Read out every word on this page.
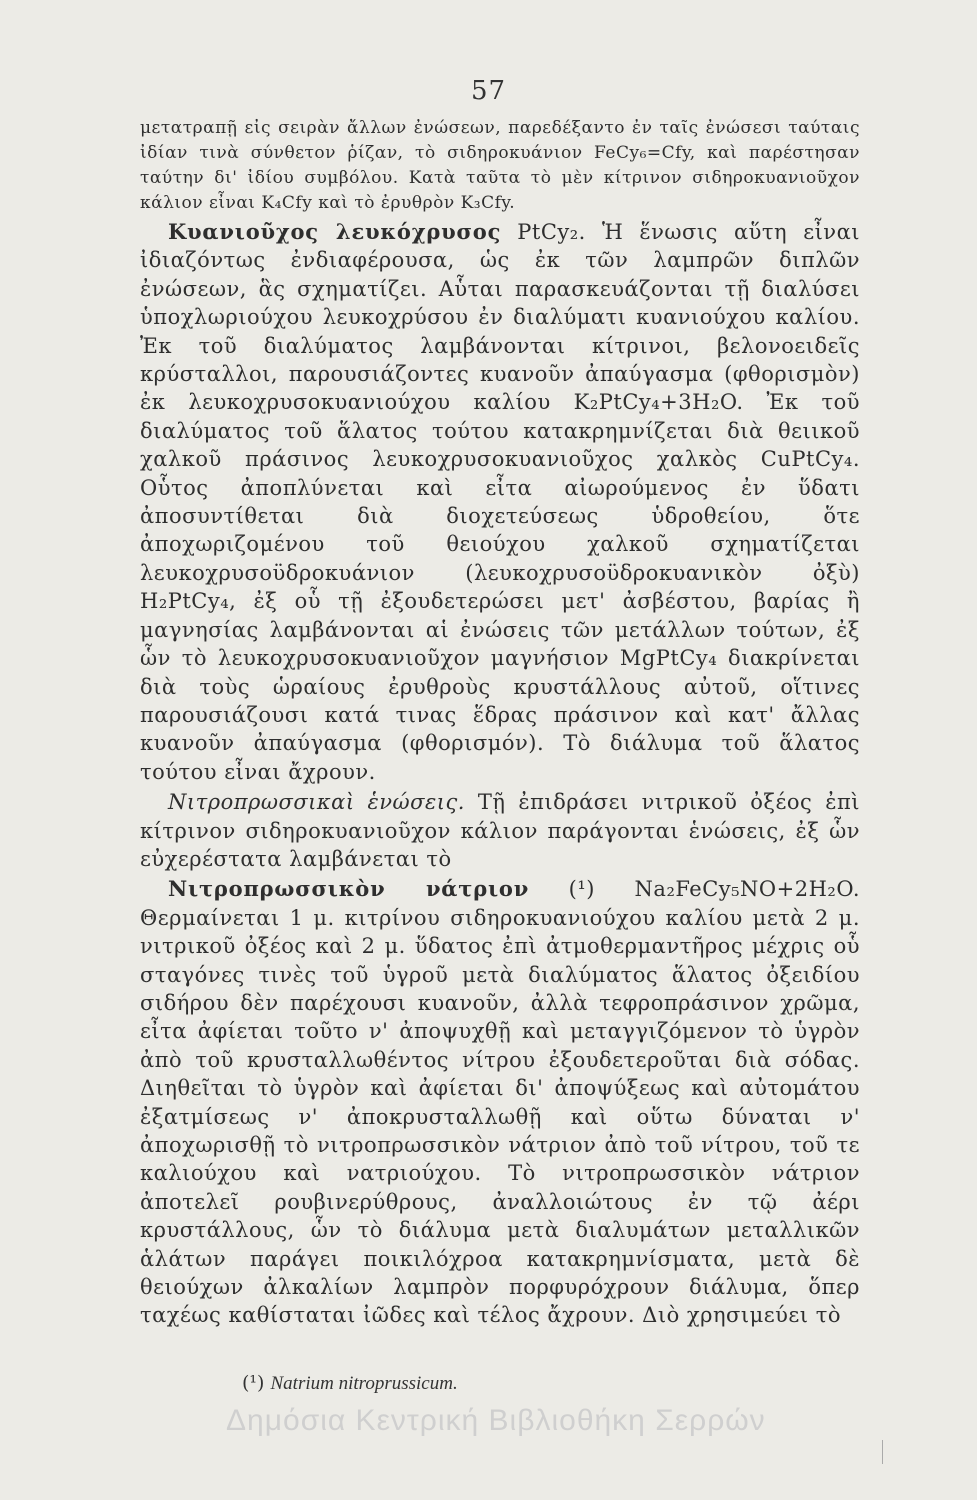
57

μετατραπῇ εἰς σειρὰν ἄλλων ἐνώσεων, παρεδέξαντο ἐν ταῖς ἐνώσεσι ταύταις ἰδίαν τινὰ σύνθετον ῥίζαν, τὸ σιδηροκυάνιον FeCy₆=Cfy, καὶ παρέστησαν ταύτην δι' ἰδίου συμβόλου. Κατὰ ταῦτα τὸ μὲν κίτρινον σιδηροκυανιοῦχον κάλιον εἶναι K₄Cfy καὶ τὸ ἐρυθρὸν K₃Cfy.

Κυανιοῦχος λευκόχρυσος PtCy₂. Ἡ ἕνωσις αὕτη εἶναι ἰδιαζόντως ἐνδιαφέρουσα, ὡς ἐκ τῶν λαμπρῶν διπλῶν ἐνώσεων, ἃς σχηματίζει. Αὗται παρασκευάζονται τῇ διαλύσει ὑποχλωριούχου λευκοχρύσου ἐν διαλύματι κυανιούχου καλίου. Ἐκ τοῦ διαλύματος λαμβάνονται κίτρινοι, βελονοειδεῖς κρύσταλλοι, παρουσιάζοντες κυανοῦν ἀπαύγασμα (φθορισμὸν) ἐκ λευκοχρυσοκυανιούχου καλίου K₂PtCy₄+3H₂O. Ἐκ τοῦ διαλύματος τοῦ ἅλατος τούτου κατακρημνίζεται διὰ θειικοῦ χαλκοῦ πράσινος λευκοχρυσοκυανιοῦχος χαλκὸς CuPtCy₄. Οὗτος ἀποπλύνεται καὶ εἶτα αἰωρούμενος ἐν ὕδατι ἀποσυντίθεται διὰ διοχετεύσεως ὑδροθείου, ὅτε ἀποχωριζομένου τοῦ θειούχου χαλκοῦ σχηματίζεται λευκοχρυσοϋδροκυάνιον (λευκοχρυσοϋδροκυανικὸν ὀξὺ) H₂PtCy₄, ἐξ οὗ τῇ ἐξουδετερώσει μετ' ἀσβέστου, βαρίας ἢ μαγνησίας λαμβάνονται αἱ ἐνώσεις τῶν μετάλλων τούτων, ἐξ ὧν τὸ λευκοχρυσοκυανιοῦχον μαγνήσιον MgPtCy₄ διακρίνεται διὰ τοὺς ὡραίους ἐρυθροὺς κρυστάλλους αὐτοῦ, οἵτινες παρουσιάζουσι κατά τινας ἕδρας πράσινον καὶ κατ' ἄλλας κυανοῦν ἀπαύγασμα (φθορισμόν). Τὸ διάλυμα τοῦ ἅλατος τούτου εἶναι ἄχρουν.

Νιτροπρωσσικαὶ ἑνώσεις. Τῇ ἐπιδράσει νιτρικοῦ ὀξέος ἐπὶ κίτρινον σιδηροκυανιοῦχον κάλιον παράγονται ἑνώσεις, ἐξ ὧν εὐχερέστατα λαμβάνεται τὸ

Νιτροπρωσσικὸν νάτριον (¹) Na₂FeCy₅NO+2H₂O. Θερμαίνεται 1 μ. κιτρίνου σιδηροκυανιούχου καλίου μετὰ 2 μ. νιτρικοῦ ὀξέος καὶ 2 μ. ὕδατος ἐπὶ ἀτμοθερμαντῆρος μέχρις οὗ σταγόνες τινὲς τοῦ ὑγροῦ μετὰ διαλύματος ἅλατος ὀξειδίου σιδήρου δὲν παρέχουσι κυανοῦν, ἀλλὰ τεφροπράσινον χρῶμα, εἶτα ἀφίεται τοῦτο ν' ἀποψυχθῇ καὶ μεταγγιζόμενον τὸ ὑγρὸν ἀπὸ τοῦ κρυσταλλωθέντος νίτρου ἐξουδετεροῦται διὰ σόδας. Διηθεῖται τὸ ὑγρὸν καὶ ἀφίεται δι' ἀποψύξεως καὶ αὐτομάτου ἐξατμίσεως ν' ἀποκρυσταλλωθῇ καὶ οὕτω δύναται ν' ἀποχωρισθῇ τὸ νιτροπρωσσικὸν νάτριον ἀπὸ τοῦ νίτρου, τοῦ τε καλιούχου καὶ νατριούχου. Τὸ νιτροπρωσσικὸν νάτριον ἀποτελεῖ ρουβινερύθρους, ἀναλλοιώτους ἐν τῷ ἀέρι κρυστάλλους, ὧν τὸ διάλυμα μετὰ διαλυμάτων μεταλλικῶν ἁλάτων παράγει ποικιλόχροα κατακρημνίσματα, μετὰ δὲ θειούχων ἀλκαλίων λαμπρὸν πορφυρόχρουν διάλυμα, ὅπερ ταχέως καθίσταται ἰῶδες καὶ τέλος ἄχρουν. Διὸ χρησιμεύει τὸ

(¹) Natrium nitroprussicum.
Δημόσια Κεντρική Βιβλιοθήκη Σερρών
